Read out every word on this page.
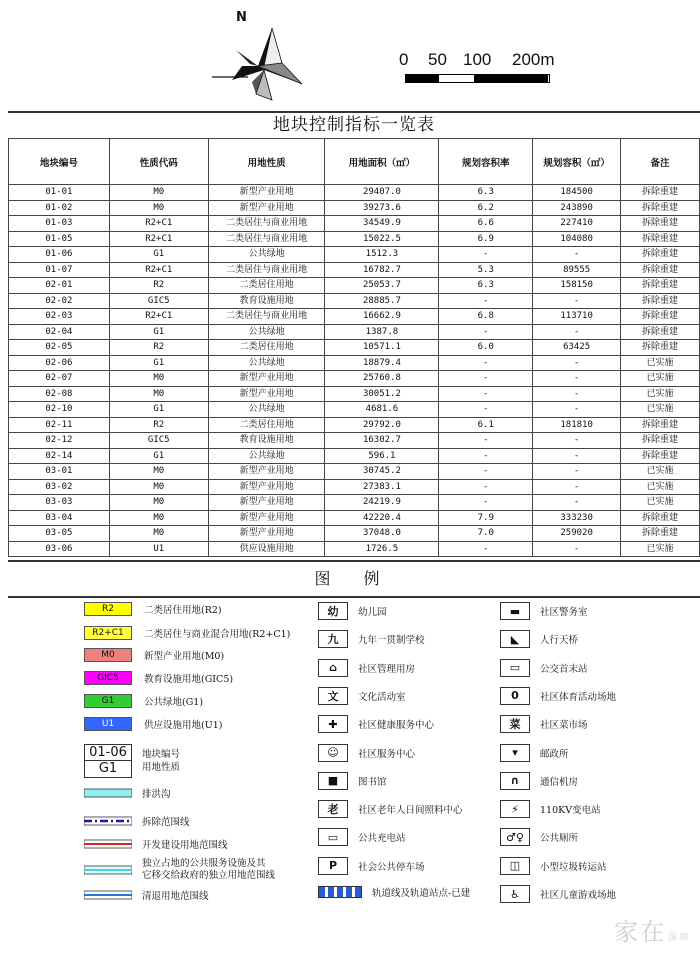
N
0 50 100 200m
地块控制指标一览表
地块编号	性质代码	用地性质	用地面积（㎡）	规划容积率	规划容积（㎡）	备注
01-01	M0	新型产业用地	29407.0	6.3	184500	拆除重建
01-02	M0	新型产业用地	39273.6	6.2	243890	拆除重建
01-03	R2+C1	二类居住与商业用地	34549.9	6.6	227410	拆除重建
01-05	R2+C1	二类居住与商业用地	15022.5	6.9	104080	拆除重建
01-06	G1	公共绿地	1512.3	-	-	拆除重建
01-07	R2+C1	二类居住与商业用地	16782.7	5.3	89555	拆除重建
02-01	R2	二类居住用地	25053.7	6.3	158150	拆除重建
02-02	GIC5	教育设施用地	28885.7	-	-	拆除重建
02-03	R2+C1	二类居住与商业用地	16662.9	6.8	113710	拆除重建
02-04	G1	公共绿地	1387.8	-	-	拆除重建
02-05	R2	二类居住用地	10571.1	6.0	63425	拆除重建
02-06	G1	公共绿地	18879.4	-	-	已实施
02-07	M0	新型产业用地	25760.8	-	-	已实施
02-08	M0	新型产业用地	30051.2	-	-	已实施
02-10	G1	公共绿地	4681.6	-	-	已实施
02-11	R2	二类居住用地	29792.0	6.1	181810	拆除重建
02-12	GIC5	教育设施用地	16302.7	-	-	拆除重建
02-14	G1	公共绿地	596.1	-	-	拆除重建
03-01	M0	新型产业用地	30745.2	-	-	已实施
03-02	M0	新型产业用地	27383.1	-	-	已实施
03-03	M0	新型产业用地	24219.9	-	-	已实施
03-04	M0	新型产业用地	42220.4	7.9	333230	拆除重建
03-05	M0	新型产业用地	37048.0	7.0	259020	拆除重建
03-06	U1	供应设施用地	1726.5	-	-	已实施
图 例
R2	二类居住用地(R2)
R2+C1	二类居住与商业混合用地(R2+C1)
M0	新型产业用地(M0)
GIC5	教育设施用地(GIC5)
G1	公共绿地(G1)
U1	供应设施用地(U1)
01-06
G1
地块编号
用地性质
排洪沟
拆除范围线
开发建设用地范围线
独立占地的公共服务设施及其
它移交给政府的独立用地范围线
清退用地范围线
幼	幼儿园
九	九年一贯制学校
⌂	社区管理用房
文	文化活动室
✚	社区健康服务中心
☺	社区服务中心
■	图书馆
老	社区老年人日间照料中心
▭	公共充电站
P	社会公共停车场
轨道线及轨道站点-已建
▬	社区警务室
◣	人行天桥
▭	公交首末站
0	社区体育活动场地
菜	社区菜市场
▾	邮政所
∩	通信机房
⚡	110KV变电站
♂♀	公共厕所
◫	小型垃圾转运站
♿	社区儿童游戏场地
家在 深圳
